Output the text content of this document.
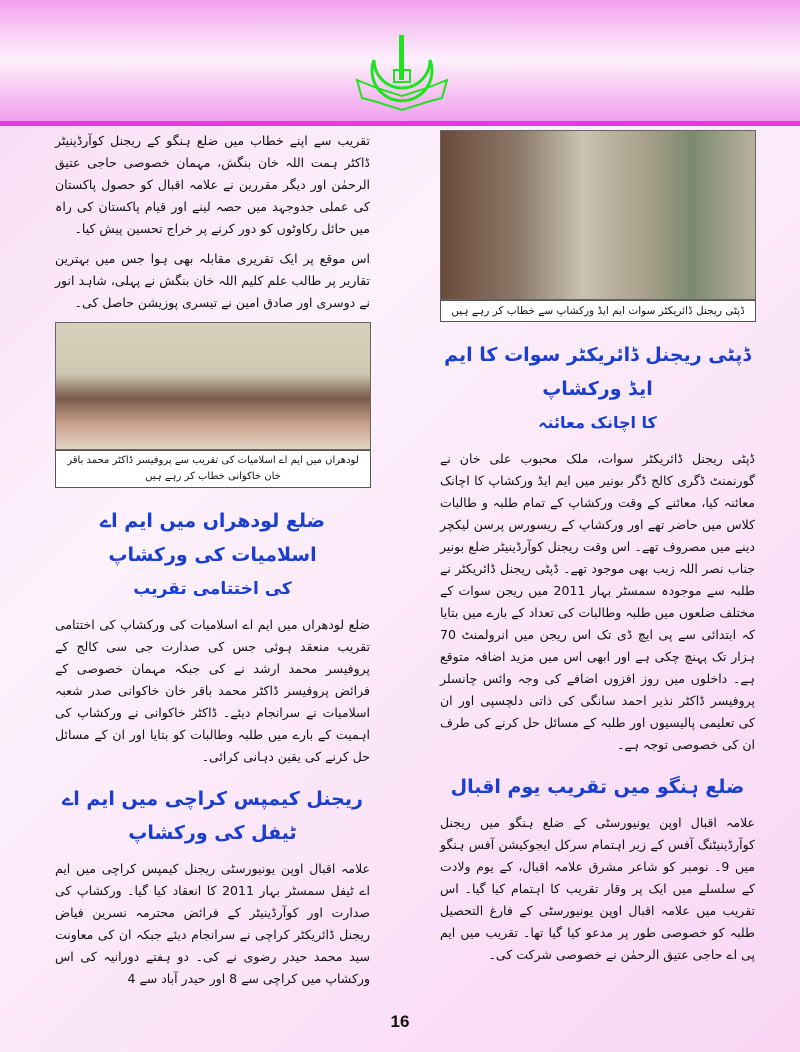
تقریب سے اپنے خطاب میں ضلع ہنگو کے ریجنل کوآرڈینیٹر ڈاکٹر ہمت اللہ خان بنگش، مہمان خصوصی حاجی عتیق الرحمٰن اور دیگر مقررین نے علامہ اقبال کو حصول پاکستان کی عملی جدوجہد میں حصہ لینے اور قیام پاکستان کی راہ میں حائل رکاوٹوں کو دور کرنے پر خراج تحسین پیش کیا۔
اس موقع پر ایک تقریری مقابلہ بھی ہوا جس میں بہترین تقاریر پر طالب علم کلیم اللہ خان بنگش نے پہلی، شاہد انور نے دوسری اور صادق امین نے تیسری پوزیشن حاصل کی۔
لودھراں میں ایم اے اسلامیات کی تقریب سے پروفیسر ڈاکٹر محمد باقر خان خاکوانی خطاب کر رہے ہیں
ضلع لودھراں میں ایم اے اسلامیات کی ورکشاپ
کی اختتامی تقریب
ضلع لودھراں میں ایم اے اسلامیات کی ورکشاپ کی اختتامی تقریب منعقد ہوئی جس کی صدارت جی سی کالج کے پروفیسر محمد ارشد نے کی جبکہ مہمان خصوصی کے فرائض پروفیسر ڈاکٹر محمد باقر خان خاکوانی صدر شعبہ اسلامیات نے سرانجام دیئے۔ ڈاکٹر خاکوانی نے ورکشاپ کی اہمیت کے بارے میں طلبہ وطالبات کو بتایا اور ان کے مسائل حل کرنے کی یقین دہانی کرائی۔
ریجنل کیمپس کراچی میں ایم اے ٹیفل کی ورکشاپ
علامہ اقبال اوپن یونیورسٹی ریجنل کیمپس کراچی میں ایم اے ٹیفل سمسٹر بہار 2011 کا انعقاد کیا گیا۔ ورکشاپ کی صدارت اور کوآرڈینیٹر کے فرائض محترمہ نسرین فیاض ریجنل ڈائریکٹر کراچی نے سرانجام دیئے جبکہ ان کی معاونت سید محمد حیدر رضوی نے کی۔ دو ہفتے دورانیہ کی اس ورکشاپ میں کراچی سے 8 اور حیدر آباد سے 4
ڈپٹی ریجنل ڈائریکٹر سوات ایم ایڈ ورکشاپ سے خطاب کر رہے ہیں
ڈپٹی ریجنل ڈائریکٹر سوات کا ایم ایڈ ورکشاپ
کا اچانک معائنہ
ڈپٹی ریجنل ڈائریکٹر سوات، ملک محبوب علی خان نے گورنمنٹ ڈگری کالج ڈگر بونیر میں ایم ایڈ ورکشاپ کا اچانک معائنہ کیا، معائنے کے وقت ورکشاپ کے تمام طلبہ و طالبات کلاس میں حاضر تھے اور ورکشاپ کے ریسورس پرسن لیکچر دینے میں مصروف تھے۔ اس وقت ریجنل کوآرڈینیٹر ضلع بونیر جناب نصر اللہ زیب بھی موجود تھے۔ ڈپٹی ریجنل ڈائریکٹر نے طلبہ سے موجودہ سمسٹر بہار 2011 میں ریجن سوات کے مختلف ضلعوں میں طلبہ وطالبات کی تعداد کے بارے میں بتایا کہ ابتدائی سے پی ایچ ڈی تک اس ریجن میں انرولمنٹ 70 ہزار تک پہنچ چکی ہے اور ابھی اس میں مزید اضافہ متوقع ہے۔ داخلوں میں روز افزوں اضافے کی وجہ وائس چانسلر پروفیسر ڈاکٹر نذیر احمد سانگی کی ذاتی دلچسپی اور ان کی تعلیمی پالیسیوں اور طلبہ کے مسائل حل کرنے کی طرف ان کی خصوصی توجہ ہے۔
ضلع ہنگو میں تقریب یوم اقبال
علامہ اقبال اوپن یونیورسٹی کے ضلع ہنگو میں ریجنل کوآرڈینیٹنگ آفس کے زیر اہتمام سرکل ایجوکیشن آفس ہنگو میں 9۔ نومبر کو شاعر مشرق علامہ اقبال، کے یوم ولادت کے سلسلے میں ایک پر وقار تقریب کا اہتمام کیا گیا۔ اس تقریب میں علامہ اقبال اوپن یونیورسٹی کے فارغ التحصیل طلبہ کو خصوصی طور پر مدعو کیا گیا تھا۔ تقریب میں ایم پی اے حاجی عتیق الرحمٰن نے خصوصی شرکت کی۔
16
